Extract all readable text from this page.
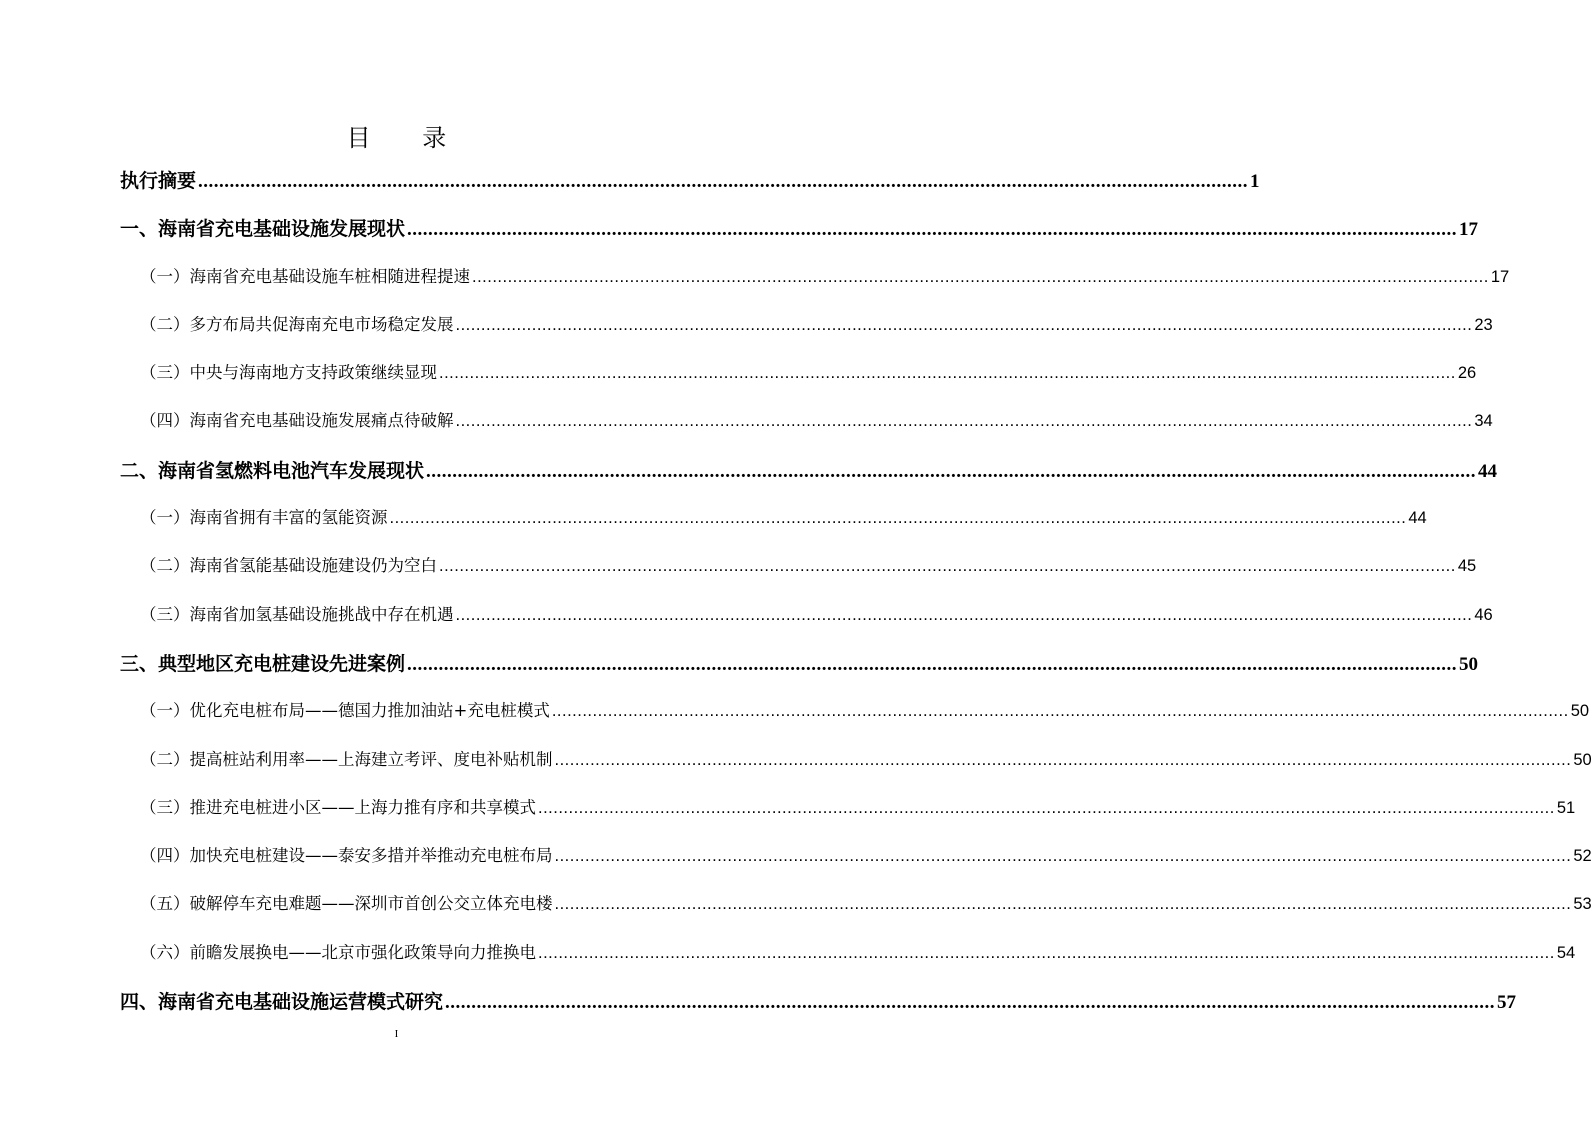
目 录
执行摘要 ........................................................................................................................................................................................................ 1
一、海南省充电基础设施发展现状 ........................................................................................................................................................................................................ 17
（一）海南省充电基础设施车桩相随进程提速 ........................................................................................................................................................................................................ 17
（二）多方布局共促海南充电市场稳定发展 ........................................................................................................................................................................................................ 23
（三）中央与海南地方支持政策继续显现 ........................................................................................................................................................................................................ 26
（四）海南省充电基础设施发展痛点待破解 ........................................................................................................................................................................................................ 34
二、海南省氢燃料电池汽车发展现状 ........................................................................................................................................................................................................ 44
（一）海南省拥有丰富的氢能资源 ........................................................................................................................................................................................................ 44
（二）海南省氢能基础设施建设仍为空白 ........................................................................................................................................................................................................ 45
（三）海南省加氢基础设施挑战中存在机遇 ........................................................................................................................................................................................................ 46
三、典型地区充电桩建设先进案例 ........................................................................................................................................................................................................ 50
（一）优化充电桩布局——德国力推加油站+充电桩模式 ........................................................................................................................................................................................................ 50
（二）提高桩站利用率——上海建立考评、度电补贴机制 ........................................................................................................................................................................................................ 50
（三）推进充电桩进小区——上海力推有序和共享模式 ........................................................................................................................................................................................................ 51
（四）加快充电桩建设——泰安多措并举推动充电桩布局 ........................................................................................................................................................................................................ 52
（五）破解停车充电难题——深圳市首创公交立体充电楼 ........................................................................................................................................................................................................ 53
（六）前瞻发展换电——北京市强化政策导向力推换电 ........................................................................................................................................................................................................ 54
四、海南省充电基础设施运营模式研究 ........................................................................................................................................................................................................ 57
I
